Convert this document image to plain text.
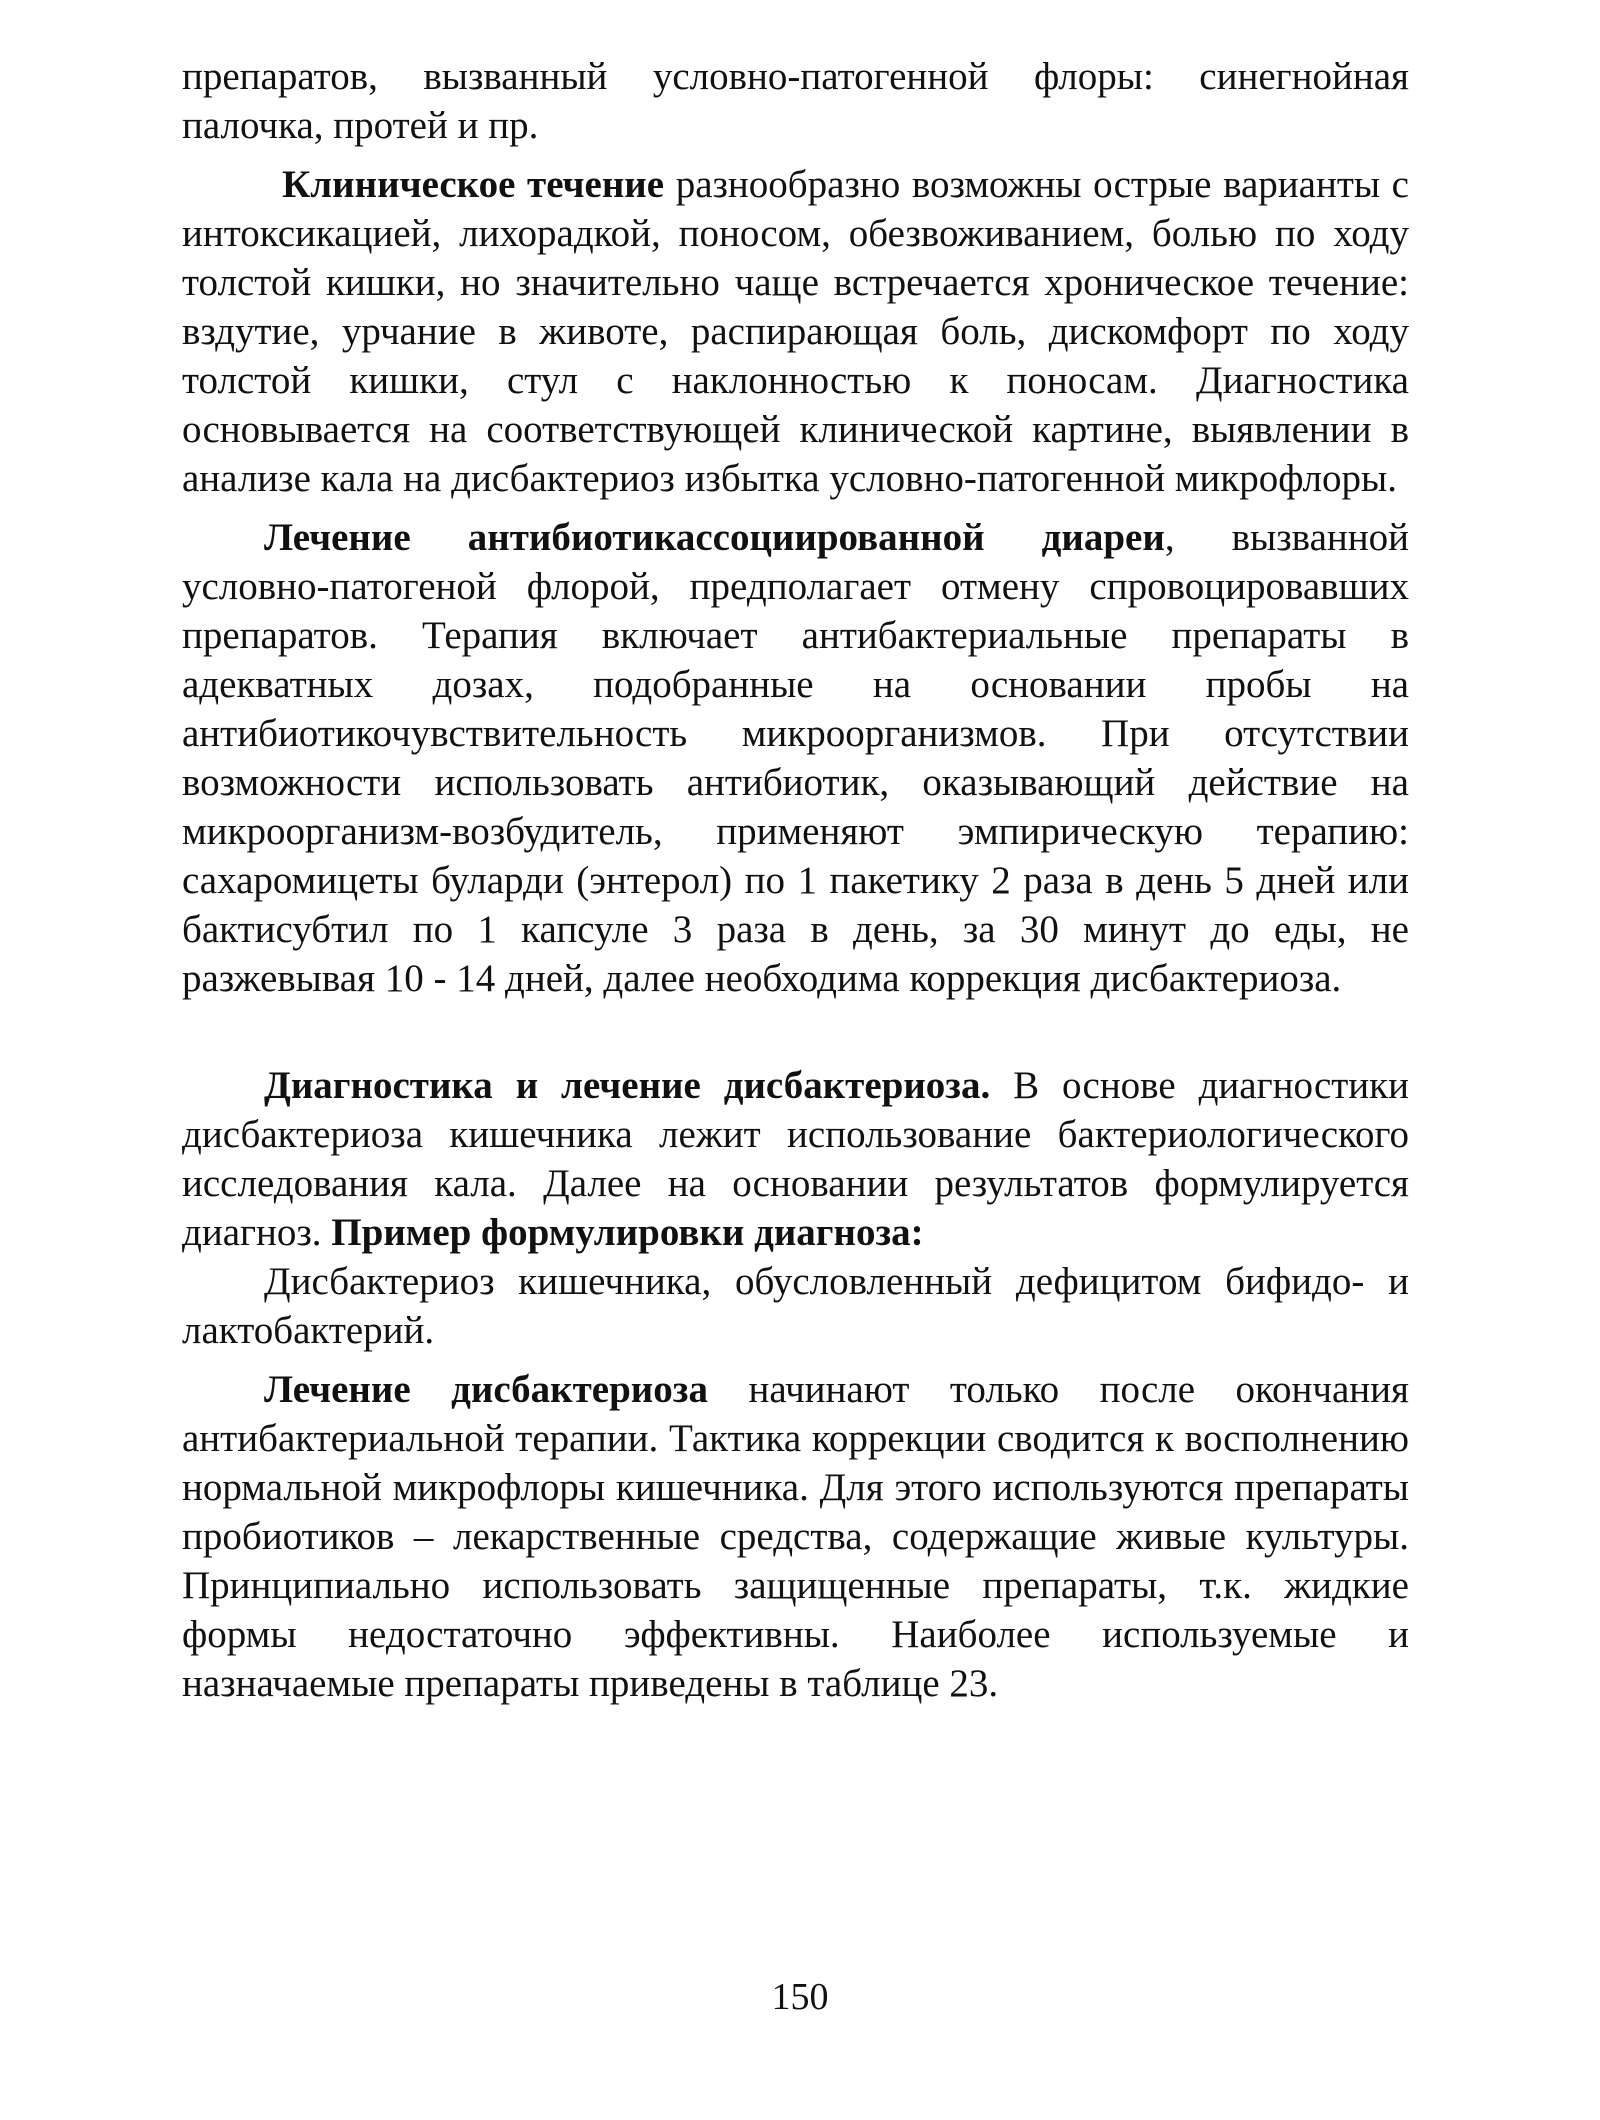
препаратов, вызванный условно-патогенной флоры: синегнойная палочка, протей и пр.

Клиническое течение разнообразно возможны острые варианты с интоксикацией, лихорадкой, поносом, обезвоживанием, болью по ходу толстой кишки, но значительно чаще встречается хроническое течение: вздутие, урчание в животе, распирающая боль, дискомфорт по ходу толстой кишки, стул с наклонностью к поносам. Диагностика основывается на соответствующей клинической картине, выявлении в анализе кала на дисбактериоз избытка условно-патогенной микрофлоры.

Лечение антибиотикассоциированной диареи, вызванной условно-патогеной флорой, предполагает отмену спровоцировавших препаратов. Терапия включает антибактериальные препараты в адекватных дозах, подобранные на основании пробы на антибиотикочувствительность микроорганизмов. При отсутствии возможности использовать антибиотик, оказывающий действие на микроорганизм-возбудитель, применяют эмпирическую терапию: сахаромицеты буларди (энтерол) по 1 пакетику 2 раза в день 5 дней или бактисубтил по 1 капсуле 3 раза в день, за 30 минут до еды, не разжевывая 10 - 14 дней, далее необходима коррекция дисбактериоза.

Диагностика и лечение дисбактериоза. В основе диагностики дисбактериоза кишечника лежит использование бактериологического исследования кала. Далее на основании результатов формулируется диагноз. Пример формулировки диагноза:

Дисбактериоз кишечника, обусловленный дефицитом бифидо- и лактобактерий.

Лечение дисбактериоза начинают только после окончания антибактериальной терапии. Тактика коррекции сводится к восполнению нормальной микрофлоры кишечника. Для этого используются препараты пробиотиков – лекарственные средства, содержащие живые культуры. Принципиально использовать защищенные препараты, т.к. жидкие формы недостаточно эффективны. Наиболее используемые и назначаемые препараты приведены в таблице 23.

150
